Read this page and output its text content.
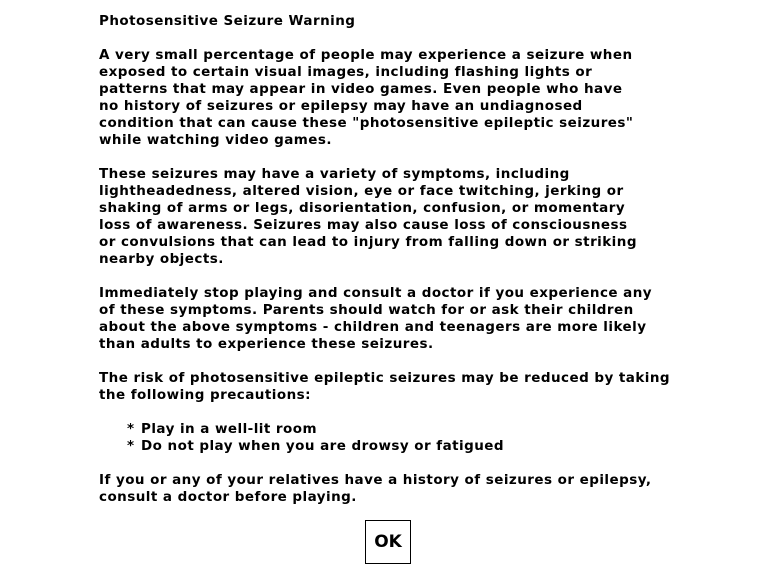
Photosensitive Seizure Warning

A very small percentage of people may experience a seizure when
exposed to certain visual images, including flashing lights or
patterns that may appear in video games. Even people who have
no history of seizures or epilepsy may have an undiagnosed
condition that can cause these "photosensitive epileptic seizures"
while watching video games.

These seizures may have a variety of symptoms, including
lightheadedness, altered vision, eye or face twitching, jerking or
shaking of arms or legs, disorientation, confusion, or momentary
loss of awareness. Seizures may also cause loss of consciousness
or convulsions that can lead to injury from falling down or striking
nearby objects.

Immediately stop playing and consult a doctor if you experience any
of these symptoms. Parents should watch for or ask their children
about the above symptoms - children and teenagers are more likely
than adults to experience these seizures.

The risk of photosensitive epileptic seizures may be reduced by taking
the following precautions:

* Play in a well-lit room
* Do not play when you are drowsy or fatigued

If you or any of your relatives have a history of seizures or epilepsy,
consult a doctor before playing.

OK
